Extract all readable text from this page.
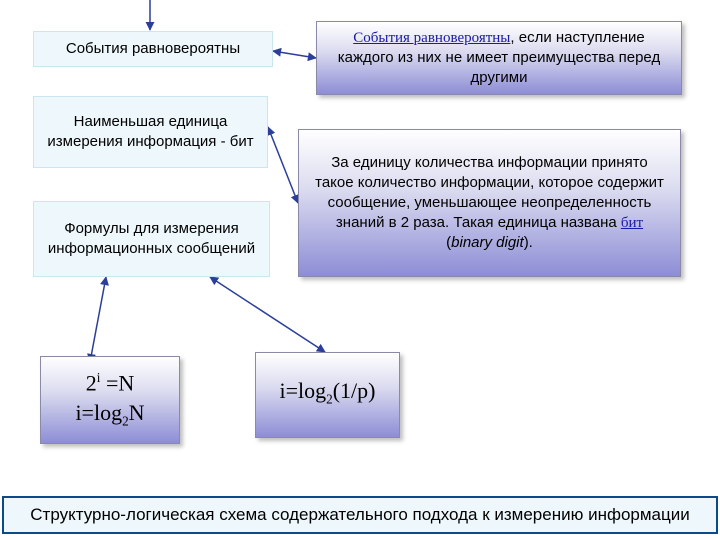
События равновероятны
Наименьшая единица измерения информация - бит
Формулы для измерения информационных сообщений
События равновероятны, если наступление каждого из них не имеет преимущества перед другими
За единицу количества информации принято такое количество информации, которое содержит сообщение, уменьшающее неопределенность знаний в 2 раза. Такая единица названа бит (binary digit).
$2^i =N$
$i=\log_2N$
$i=\log_2(1/p)$
Структурно-логическая схема содержательного подхода к измерению информации
